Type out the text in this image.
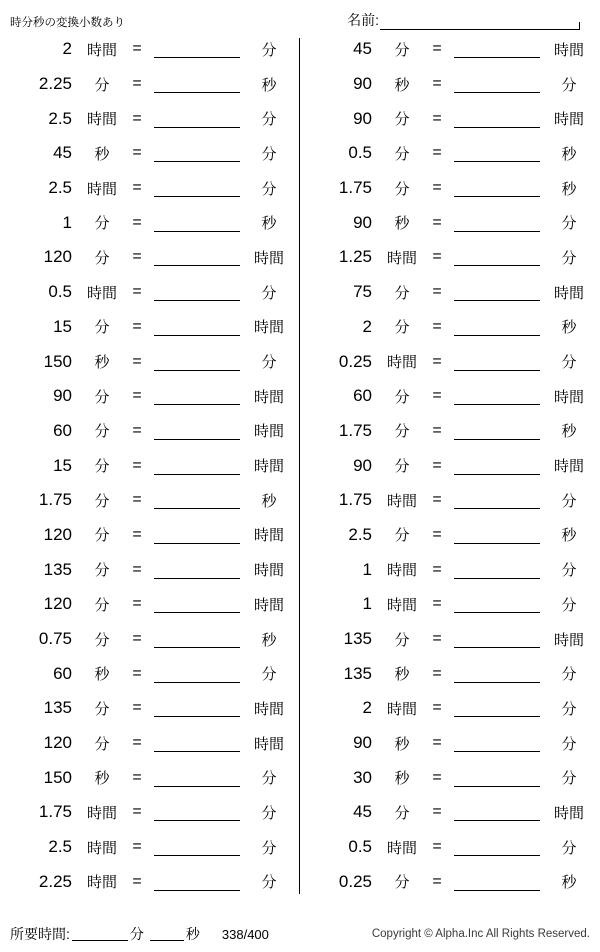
時分秒の変換小数あり	名前:
2 時間 =	分
2.25	分	=	秒
2.5 時間 =	分
45	秒	=	分
2.5 時間 =	分
1	分	=	秒
120	分	=	時間
0.5 時間 =	分
15	分	=	時間
150	秒	=	分
90	分	=	時間
60	分	=	時間
15	分	=	時間
1.75	分	=	秒
120	分	=	時間
135	分	=	時間
120	分	=	時間
0.75	分	=	秒
60	秒	=	分
135	分	=	時間
120	分	=	時間
150	秒	=	分
1.75 時間 =	分
2.5 時間 =	分
2.25 時間 =	分
45	分	=	時間
90	秒	=	分
90	分	=	時間
0.5	分	=	秒
1.75	分	=	秒
90	秒	=	分
1.25 時間 =	分
75	分	=	時間
2	分	=	秒
0.25 時間 =	分
60	分	=	時間
1.75	分	=	秒
90	分	=	時間
1.75 時間 =	分
2.5	分	=	秒
1 時間 =	分
1 時間 =	分
135	分	=	時間
135	秒	=	分
2 時間 =	分
90	秒	=	分
30	秒	=	分
45	分	=	時間
0.5 時間 =	分
0.25	分	=	秒
所要時間:	分	秒 338/400	Copyright © Alpha.Inc All Rights Reserved.
